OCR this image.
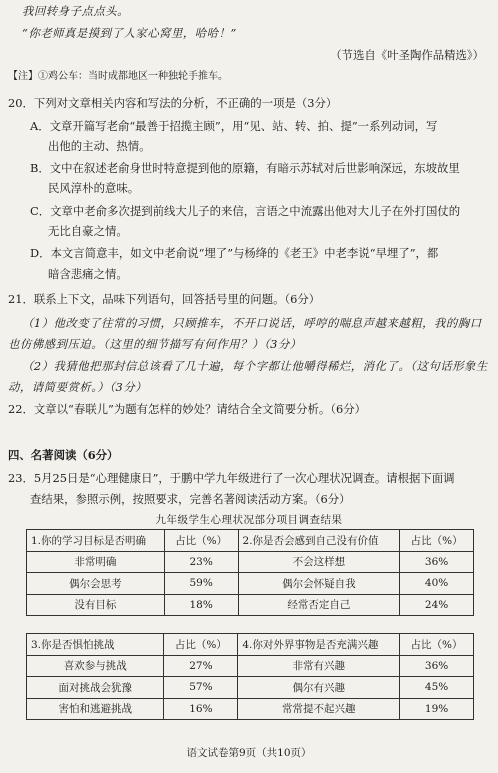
我回转身子点点头。
“你老师真是摸到了人家心窝里，哈哈！”
（节选自《叶圣陶作品精选》）
【注】①鸡公车：当时成都地区一种独轮手推车。
20．下列对文章相关内容和写法的分析，不正确的一项是（3分）
A．文章开篇写老俞“最善于招揽主顾”，用“见、站、转、拍、提”一系列动词，写
出他的主动、热情。
B．文中在叙述老俞身世时特意提到他的原籍，有暗示苏轼对后世影响深远，东坡故里
民风淳朴的意味。
C．文章中老俞多次提到前线大儿子的来信，言语之中流露出他对大儿子在外打国仗的
无比自豪之情。
D．本文言简意丰，如文中老俞说“埋了”与杨绛的《老王》中老李说“早埋了”，都
暗含悲痛之情。
21．联系上下文，品味下列语句，回答括号里的问题。（6分）
（1）他改变了往常的习惯，只顾推车，不开口说话，呼哼的喘息声越来越粗，我的胸口
也仿佛感到压迫。（这里的细节描写有何作用？）（3分）
（2）我猜他把那封信总该看了几十遍，每个字都让他嚼得稀烂，消化了。（这句话形象生
动，请简要赏析。）（3分）
22．文章以“春联儿”为题有怎样的妙处？请结合全文简要分析。（6分）
四、名著阅读（6分）
23．5月25日是“心理健康日”，于鹏中学九年级进行了一次心理状况调查。请根据下面调
查结果，参照示例，按照要求，完善名著阅读活动方案。（6分）
九年级学生心理状况部分项目调查结果
1.你的学习目标是否明确	占比（%）	2.你是否会感到自己没有价值	占比（%）
非常明确	23%	不会这样想	36%
偶尔会思考	59%	偶尔会怀疑自我	40%
没有目标	18%	经常否定自己	24%
3.你是否惧怕挑战	占比（%）	4.你对外界事物是否充满兴趣	占比（%）
喜欢参与挑战	27%	非常有兴趣	36%
面对挑战会犹豫	57%	偶尔有兴趣	45%
害怕和逃避挑战	16%	常常提不起兴趣	19%
语文试卷第9页（共10页）
